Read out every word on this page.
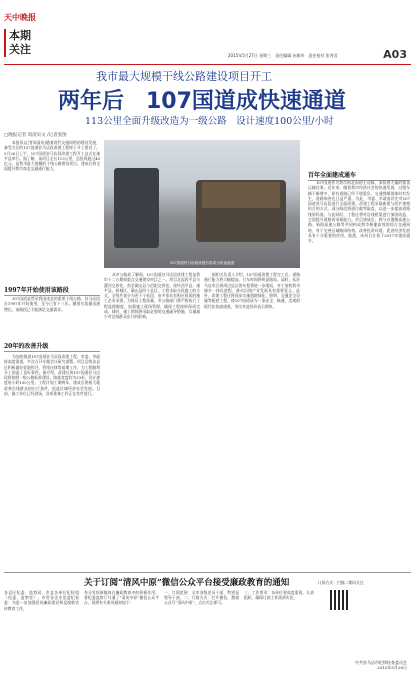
天中晚报
本期
关注	2015年5月27日 星期三　责任编辑 孙敏华　责任校对 张秀君	A03
我市最大规模干线公路建设项目开工
两年后　107国道成快速通道
113公里全面升级改造为一级公路　设计速度100公里/小时
□晚报记者 周清泉文 /记者张图

本报讯(记者周清泉)随着现代交通网络的建设发展，备受关注的107国道驻马店段改建工程终于开工建设了。5月26日上午，107国道驻马店段改建工程开工仪式在遂平县举行。据了解，该项目全长113公里，总投资超过40亿元，是我市最大规模的干线公路建设项目，建成后将全面提升我市南北交通通行能力。

1997年开始使用该路段

107国道是贯穿我国南北的重要干线公路，驻马店段自1997年开始使用，至今已有十八年。随着车流量迅速增长，该路段已不能满足交通需求。

20年的改善升级

为加快推进107国道驻马店段改建工程，市委、市政府高度重视，多次召开专题会议研究部署。项目沿线各县区积极做好征地拆迁、管线迁移等前期工作，为工程顺利开工创造了良好条件。据介绍，改建后的107国道驻马店段将按照一级公路标准建设，路基宽度约为33米，设计速度每小时100公里。工程计划工期两年，建成后将极大地改善沿线群众的出行条件，促进区域经济社会发展。目前，施工单位已经进场，各项准备工作正在有序进行。

107国道驻马店段改建后将成为快速通道

从市公路局了解到，107国道驻马店段改建工程是我市十二五期间重点交通建设项目之一。项目北起西平县与漯河交界处，南至确山县与信阳交界处，途经西平县、遂平县、驿城区、确山县四个县区。工程采取分段施工的方式，全线共划分为若干个标段，由多家具有相应资质的施工企业承建。为保证工程质量，市公路部门将严格执行工程监理制度，加强施工现场管理，确保工程按时保质完成。同时，施工期间将采取必要的交通疏导措施，尽量减少对沿线群众出行的影响。

据相关负责人介绍，107国道改建工程完工后，道路通行能力将大幅提高，行车时间将明显缩短。届时，从驻马店市区到周边县区的车程将进一步缩短，对于加快我市城乡一体化进程、推动沿线产业发展具有重要意义。此外，改建工程还将同步实施道路绿化、照明、交通安全设施等配套工程，使107国道成为一条安全、畅通、美观的现代化快速通道。市民对此纷纷表示期待。

百年全面建成通车

107国道作为我市南北向的主动脉，承担着大量的客货运输任务。近年来，随着我市经济社会的快速发展，过境车辆不断增多，原有道路已经不堪重负，交通拥堵现象时有发生，道路病害也日益严重。为此，市委、市政府决定对107国道驻马店段进行全面改建。改建工程采取新建与改扩建相结合的方式，部分路段将进行截弯取直，以进一步提高道路线形标准。与此同时，工程还将对沿线桥梁进行加固改造，全面提升道路的承载能力。项目建成后，将与京港澳高速公路、新阳高速公路等共同构成我市便捷高效的综合交通网络，对于完善区域路网结构、改善投资环境、促进经济发展具有十分重要的作用。据悉，该项目计划于2017年建成通车。

关于订阅“清风中原”微信公众平台接受廉政教育的通知
各县区纪委、监察局，市直各单位纪检组（纪委、监察室），市管各企业党委纪检委：为进一步加强党风廉政建设和反腐败宣传教育工作，
充分发挥新媒体在廉政教育中的积极作用，省纪委监察厅开通了“清风中原”微信公众平台。现将有关事项通知如下：
一、订阅范围：全市各级党员干部，特别是领导干部。二、订阅方式：打开微信，搜索公众号“清风中原”，点击关注即可。
三、工作要求：各单位要高度重视，认真组织，确保订阅工作落到实处。
订阅方式：扫描二维码关注
中共驻马店市纪律检查委员会
2015年5月26日
